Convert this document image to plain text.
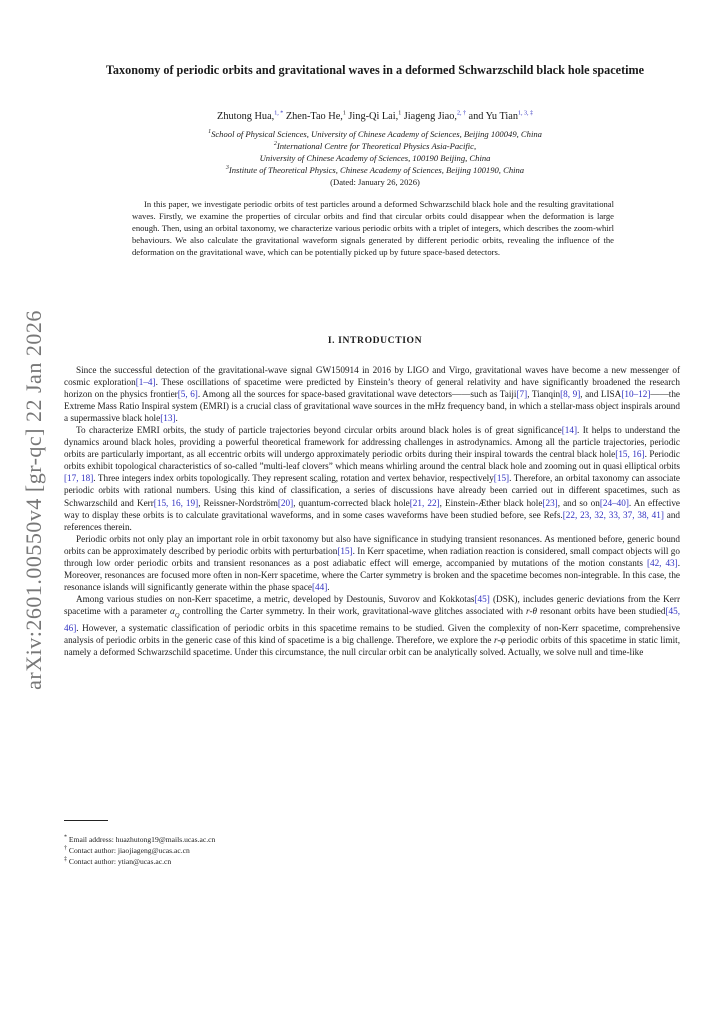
arXiv:2601.00550v4 [gr-qc] 22 Jan 2026
Taxonomy of periodic orbits and gravitational waves in a deformed Schwarzschild black hole spacetime
Zhutong Hua,$^{1, *}$ Zhen-Tao He,$^1$ Jing-Qi Lai,$^1$ Jiageng Jiao,$^{2, \dagger}$ and Yu Tian$^{1, 3, \ddagger}$
$^1$School of Physical Sciences, University of Chinese Academy of Sciences, Beijing 100049, China
$^2$International Centre for Theoretical Physics Asia-Pacific,
University of Chinese Academy of Sciences, 100190 Beijing, China
$^3$Institute of Theoretical Physics, Chinese Academy of Sciences, Beijing 100190, China
(Dated: January 26, 2026)

In this paper, we investigate periodic orbits of test particles around a deformed Schwarzschild black hole and the resulting gravitational waves. Firstly, we examine the properties of circular orbits and find that circular orbits could disappear when the deformation is large enough. Then, using an orbital taxonomy, we characterize various periodic orbits with a triplet of integers, which describes the zoom-whirl behaviours. We also calculate the gravitational waveform signals generated by different periodic orbits, revealing the influence of the deformation on the gravitational wave, which can be potentially picked up by future space-based detectors.

I. INTRODUCTION

Since the successful detection of the gravitational-wave signal GW150914 in 2016 by LIGO and Virgo, gravitational waves have become a new messenger of cosmic exploration[1–4]. These oscillations of spacetime were predicted by Einstein’s theory of general relativity and have significantly broadened the research horizon on the physics frontier[5, 6]. Among all the sources for space-based gravitational wave detectors——such as Taiji[7], Tianqin[8, 9], and LISA[10–12]——the Extreme Mass Ratio Inspiral system (EMRI) is a crucial class of gravitational wave sources in the mHz frequency band, in which a stellar-mass object inspirals around a supermassive black hole[13].

To characterize EMRI orbits, the study of particle trajectories beyond circular orbits around black holes is of great significance[14]. It helps to understand the dynamics around black holes, providing a powerful theoretical framework for addressing challenges in astrodynamics. Among all the particle trajectories, periodic orbits are particularly important, as all eccentric orbits will undergo approximately periodic orbits during their inspiral towards the central black hole[15, 16]. Periodic orbits exhibit topological characteristics of so-called ”multi-leaf clovers” which means whirling around the central black hole and zooming out in quasi elliptical orbits [17, 18]. Three integers index orbits topologically. They represent scaling, rotation and vertex behavior, respectively[15]. Therefore, an orbital taxonomy can associate periodic orbits with rational numbers. Using this kind of classification, a series of discussions have already been carried out in different spacetimes, such as Schwarzschild and Kerr[15, 16, 19], Reissner-Nordström[20], quantum-corrected black hole[21, 22], Einstein-Æther black hole[23], and so on[24–40]. An effective way to display these orbits is to calculate gravitational waveforms, and in some cases waveforms have been studied before, see Refs.[22, 23, 32, 33, 37, 38, 41] and references therein.

Periodic orbits not only play an important role in orbit taxonomy but also have significance in studying transient resonances. As mentioned before, generic bound orbits can be approximately described by periodic orbits with perturbation[15]. In Kerr spacetime, when radiation reaction is considered, small compact objects will go through low order periodic orbits and transient resonances as a post adiabatic effect will emerge, accompanied by mutations of the motion constants [42, 43]. Moreover, resonances are focused more often in non-Kerr spacetime, where the Carter symmetry is broken and the spacetime becomes non-integrable. In this case, the resonance islands will significantly generate within the phase space[44].

Among various studies on non-Kerr spacetime, a metric, developed by Destounis, Suvorov and Kokkotas[45] (DSK), includes generic deviations from the Kerr spacetime with a parameter $\alpha_Q$ controlling the Carter symmetry. In their work, gravitational-wave glitches associated with r-θ resonant orbits have been studied[45, 46]. However, a systematic classification of periodic orbits in this spacetime remains to be studied. Given the complexity of non-Kerr spacetime, comprehensive analysis of periodic orbits in the generic case of this kind of spacetime is a big challenge. Therefore, we explore the r-φ periodic orbits of this spacetime in static limit, namely a deformed Schwarzschild spacetime. Under this circumstance, the null circular orbit can be analytically solved. Actually, we solve null and time-like

* Email address: huazhutong19@mails.ucas.ac.cn
† Contact author: jiaojiageng@ucas.ac.cn
‡ Contact author: ytian@ucas.ac.cn
